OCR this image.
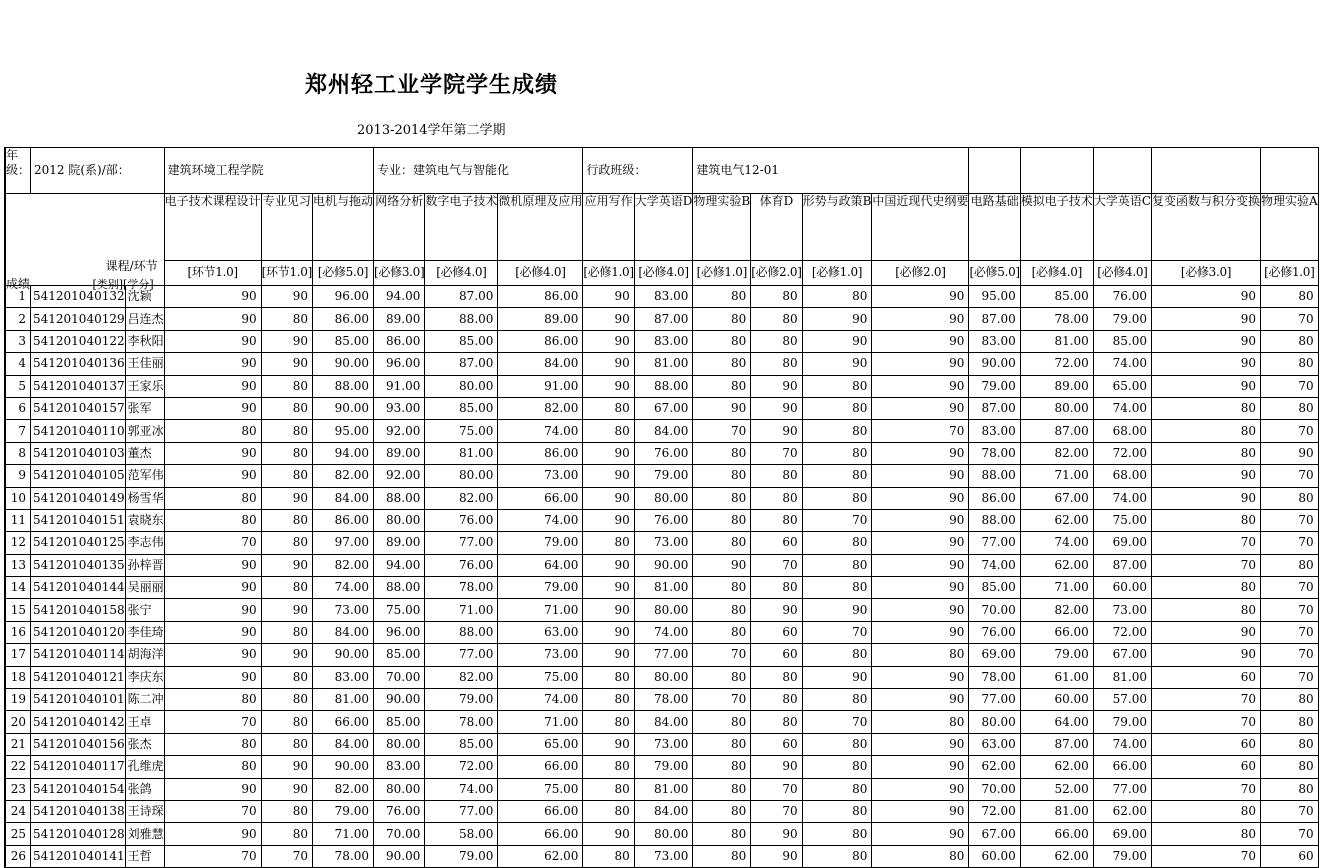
郑州轻工业学院学生成绩
2013-2014学年第二学期
	年级：	2012 院(系)/部：		建筑环境工程学院			专业：建筑电气与智能化			行政班级：		建筑电气12-01								

课程/环节
[类别][学分]
成绩			电子技术课程设计	专业见习	电机与拖动	网络分析	数字电子技术	微机原理及应用	应用写作	大学英语D	物理实验B	体育D	形势与政策B	中国近现代史纲要	电路基础	模拟电子技术	大学英语C	复变函数与积分变换	物理实验A
			[环节1.0]	[环节1.0]	[必修5.0]	[必修3.0]	[必修4.0]	[必修4.0]	[必修1.0]	[必修4.0]	[必修1.0]	[必修2.0]	[必修1.0]	[必修2.0]	[必修5.0]	[必修4.0]	[必修4.0]	[必修3.0]	[必修1.0]
1	541201040132	沈颖	90	90	96.00	94.00	87.00	86.00	90	83.00	80	80	80	90	95.00	85.00	76.00	90	80
2	541201040129	吕连杰	90	80	86.00	89.00	88.00	89.00	90	87.00	80	80	90	90	87.00	78.00	79.00	90	70
3	541201040122	李秋阳	90	90	85.00	86.00	85.00	86.00	90	83.00	80	80	90	90	83.00	81.00	85.00	90	80
4	541201040136	王佳丽	90	90	90.00	96.00	87.00	84.00	90	81.00	80	80	90	90	90.00	72.00	74.00	90	80
5	541201040137	王家乐	90	80	88.00	91.00	80.00	91.00	90	88.00	80	90	80	90	79.00	89.00	65.00	90	70
6	541201040157	张军	90	80	90.00	93.00	85.00	82.00	80	67.00	90	90	80	90	87.00	80.00	74.00	80	80
7	541201040110	郭亚冰	80	80	95.00	92.00	75.00	74.00	80	84.00	70	90	80	70	83.00	87.00	68.00	80	70
8	541201040103	董杰	90	80	94.00	89.00	81.00	86.00	90	76.00	80	70	80	90	78.00	82.00	72.00	80	90
9	541201040105	范军伟	90	80	82.00	92.00	80.00	73.00	90	79.00	80	80	80	90	88.00	71.00	68.00	90	70
10	541201040149	杨雪华	80	90	84.00	88.00	82.00	66.00	90	80.00	80	80	80	90	86.00	67.00	74.00	90	80
11	541201040151	袁晓东	80	80	86.00	80.00	76.00	74.00	90	76.00	80	80	70	90	88.00	62.00	75.00	80	70
12	541201040125	李志伟	70	80	97.00	89.00	77.00	79.00	80	73.00	80	60	80	90	77.00	74.00	69.00	70	70
13	541201040135	孙梓晋	90	90	82.00	94.00	76.00	64.00	90	90.00	90	70	80	90	74.00	62.00	87.00	70	80
14	541201040144	吴丽丽	90	80	74.00	88.00	78.00	79.00	90	81.00	80	80	80	90	85.00	71.00	60.00	80	70
15	541201040158	张宁	90	90	73.00	75.00	71.00	71.00	90	80.00	80	90	90	90	70.00	82.00	73.00	80	70
16	541201040120	李佳琦	90	80	84.00	96.00	88.00	63.00	90	74.00	80	60	70	90	76.00	66.00	72.00	90	70
17	541201040114	胡海洋	90	90	90.00	85.00	77.00	73.00	90	77.00	70	60	80	80	69.00	79.00	67.00	90	70
18	541201040121	李庆东	90	80	83.00	70.00	82.00	75.00	80	80.00	80	80	90	90	78.00	61.00	81.00	60	70
19	541201040101	陈二冲	80	80	81.00	90.00	79.00	74.00	80	78.00	70	80	80	90	77.00	60.00	57.00	70	80
20	541201040142	王卓	70	80	66.00	85.00	78.00	71.00	80	84.00	80	80	70	80	80.00	64.00	79.00	70	80
21	541201040156	张杰	80	80	84.00	80.00	85.00	65.00	90	73.00	80	60	80	90	63.00	87.00	74.00	60	80
22	541201040117	孔维虎	80	90	90.00	83.00	72.00	66.00	80	79.00	80	90	80	90	62.00	62.00	66.00	60	80
23	541201040154	张鸽	90	90	82.00	80.00	74.00	75.00	80	81.00	80	70	80	90	70.00	52.00	77.00	70	80
24	541201040138	王诗琛	70	80	79.00	76.00	77.00	66.00	80	84.00	80	70	80	90	72.00	81.00	62.00	80	70
25	541201040128	刘雅慧	90	80	71.00	70.00	58.00	66.00	90	80.00	80	90	80	90	67.00	66.00	69.00	80	70
26	541201040141	王哲	70	70	78.00	90.00	79.00	62.00	80	73.00	80	90	80	80	60.00	62.00	79.00	70	60
